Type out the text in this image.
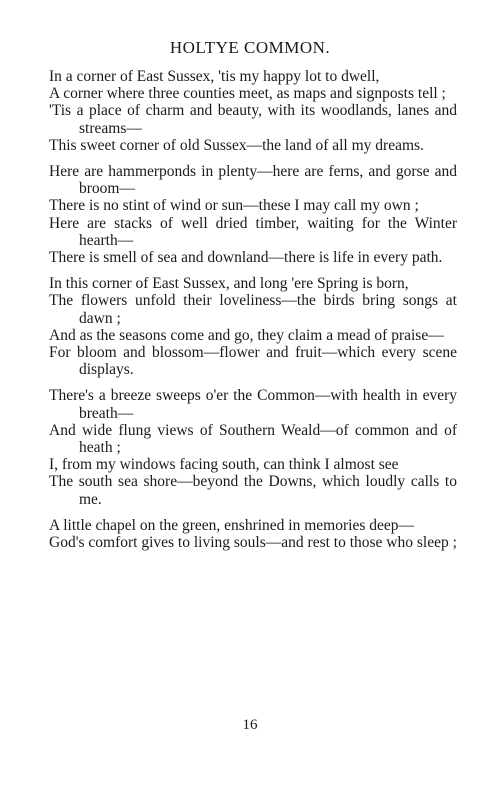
HOLTYE COMMON.
In a corner of East Sussex, 'tis my happy lot to dwell,
A corner where three counties meet, as maps and signposts tell ;
'Tis a place of charm and beauty, with its woodlands, lanes and streams—
This sweet corner of old Sussex—the land of all my dreams.
Here are hammerponds in plenty—here are ferns, and gorse and broom—
There is no stint of wind or sun—these I may call my own ;
Here are stacks of well dried timber, waiting for the Winter hearth—
There is smell of sea and downland—there is life in every path.
In this corner of East Sussex, and long 'ere Spring is born,
The flowers unfold their loveliness—the birds bring songs at dawn ;
And as the seasons come and go, they claim a mead of praise—
For bloom and blossom—flower and fruit—which every scene displays.
There's a breeze sweeps o'er the Common—with health in every breath—
And wide flung views of Southern Weald—of common and of heath ;
I, from my windows facing south, can think I almost see
The south sea shore—beyond the Downs, which loudly calls to me.
A little chapel on the green, enshrined in memories deep—
God's comfort gives to living souls—and rest to those who sleep ;
16
